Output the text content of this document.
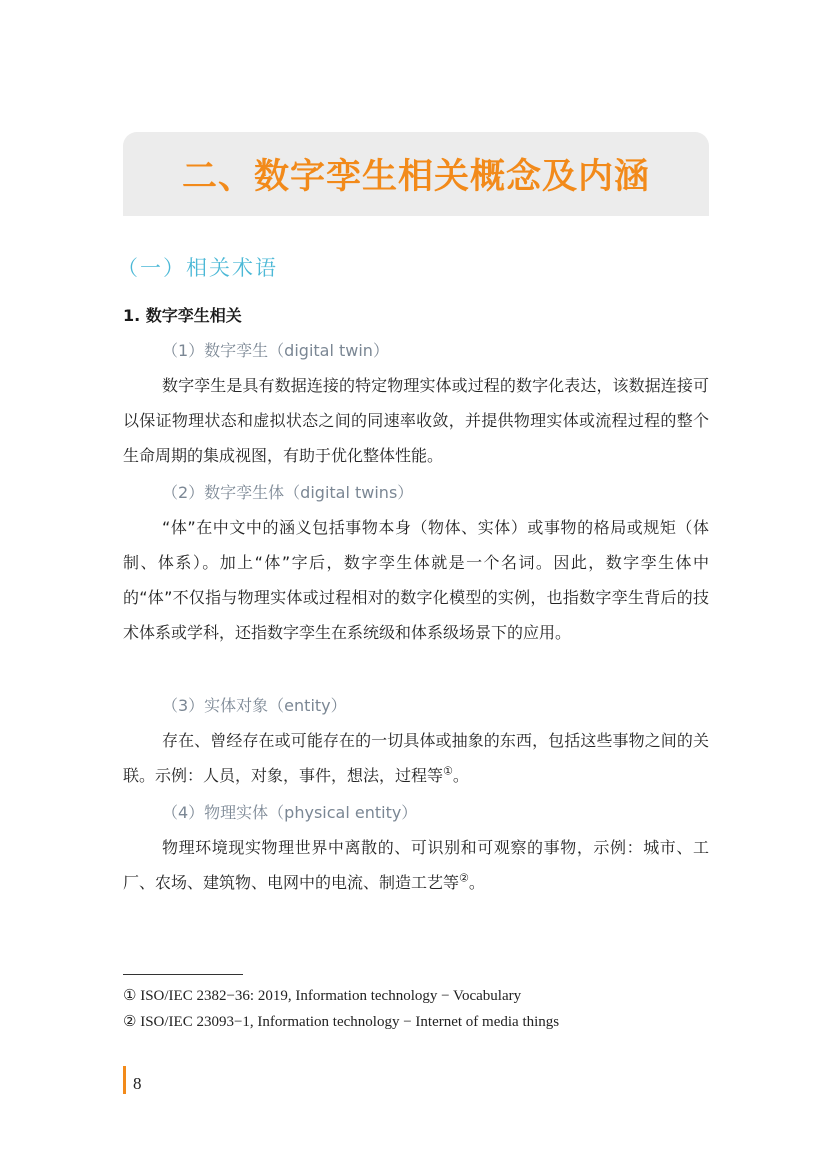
二、数字孪生相关概念及内涵
（一）相关术语
1. 数字孪生相关
（1）数字孪生（digital twin）

数字孪生是具有数据连接的特定物理实体或过程的数字化表达，该数据连接可以保证物理状态和虚拟状态之间的同速率收敛，并提供物理实体或流程过程的整个生命周期的集成视图，有助于优化整体性能。

（2）数字孪生体（digital twins）

“体”在中文中的涵义包括事物本身（物体、实体）或事物的格局或规矩（体制、体系）。加上“体”字后，数字孪生体就是一个名词。因此，数字孪生体中的“体”不仅指与物理实体或过程相对的数字化模型的实例，也指数字孪生背后的技术体系或学科，还指数字孪生在系统级和体系级场景下的应用。

（3）实体对象（entity）

存在、曾经存在或可能存在的一切具体或抽象的东西，包括这些事物之间的关联。示例：人员，对象，事件，想法，过程等①。

（4）物理实体（physical entity）

物理环境现实物理世界中离散的、可识别和可观察的事物，示例：城市、工厂、农场、建筑物、电网中的电流、制造工艺等②。

① ISO/IEC 2382−36: 2019, Information technology − Vocabulary
② ISO/IEC 23093−1, Information technology − Internet of media things
8
